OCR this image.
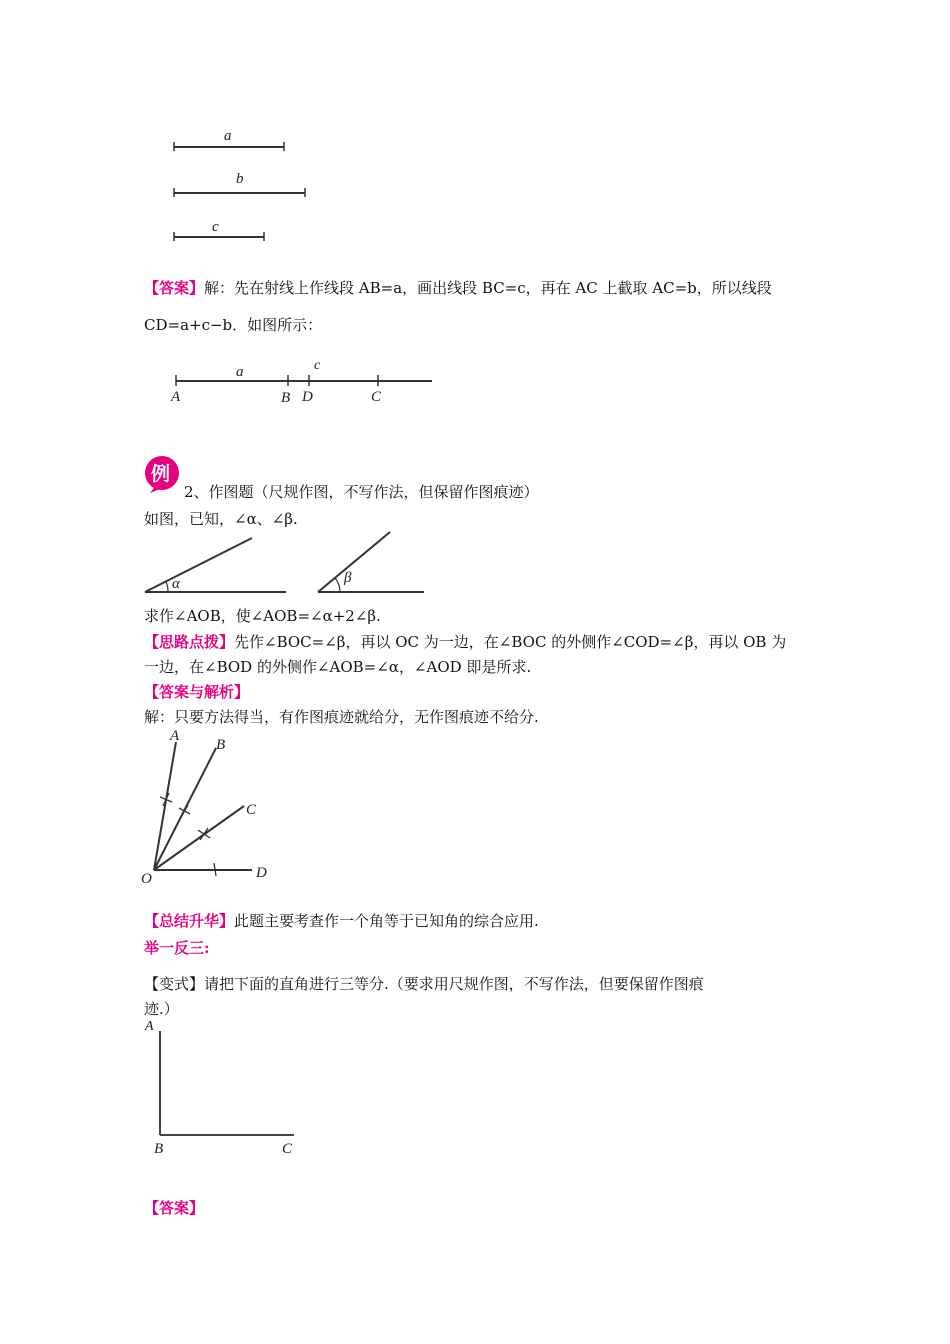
a
b
c
【答案】解：先在射线上作线段 AB=a，画出线段 BC=c，再在 AC 上截取 AC=b，所以线段
CD=a+c−b．如图所示：
a	c
A	B D	C
例
2、作图题（尺规作图，不写作法，但保留作图痕迹）
如图，已知，∠α、∠β.
α	β
求作∠AOB，使∠AOB=∠α+2∠β.
【思路点拨】先作∠BOC=∠β，再以 OC 为一边，在∠BOC 的外侧作∠COD=∠β，再以 OB 为
一边，在∠BOD 的外侧作∠AOB=∠α，∠AOD 即是所求.
【答案与解析】
解：只要方法得当，有作图痕迹就给分，无作图痕迹不给分.
A
B
C
D
O
【总结升华】此题主要考查作一个角等于已知角的综合应用.
举一反三:
【变式】请把下面的直角进行三等分.（要求用尺规作图，不写作法，但要保留作图痕
迹.）
A
B	C
【答案】
